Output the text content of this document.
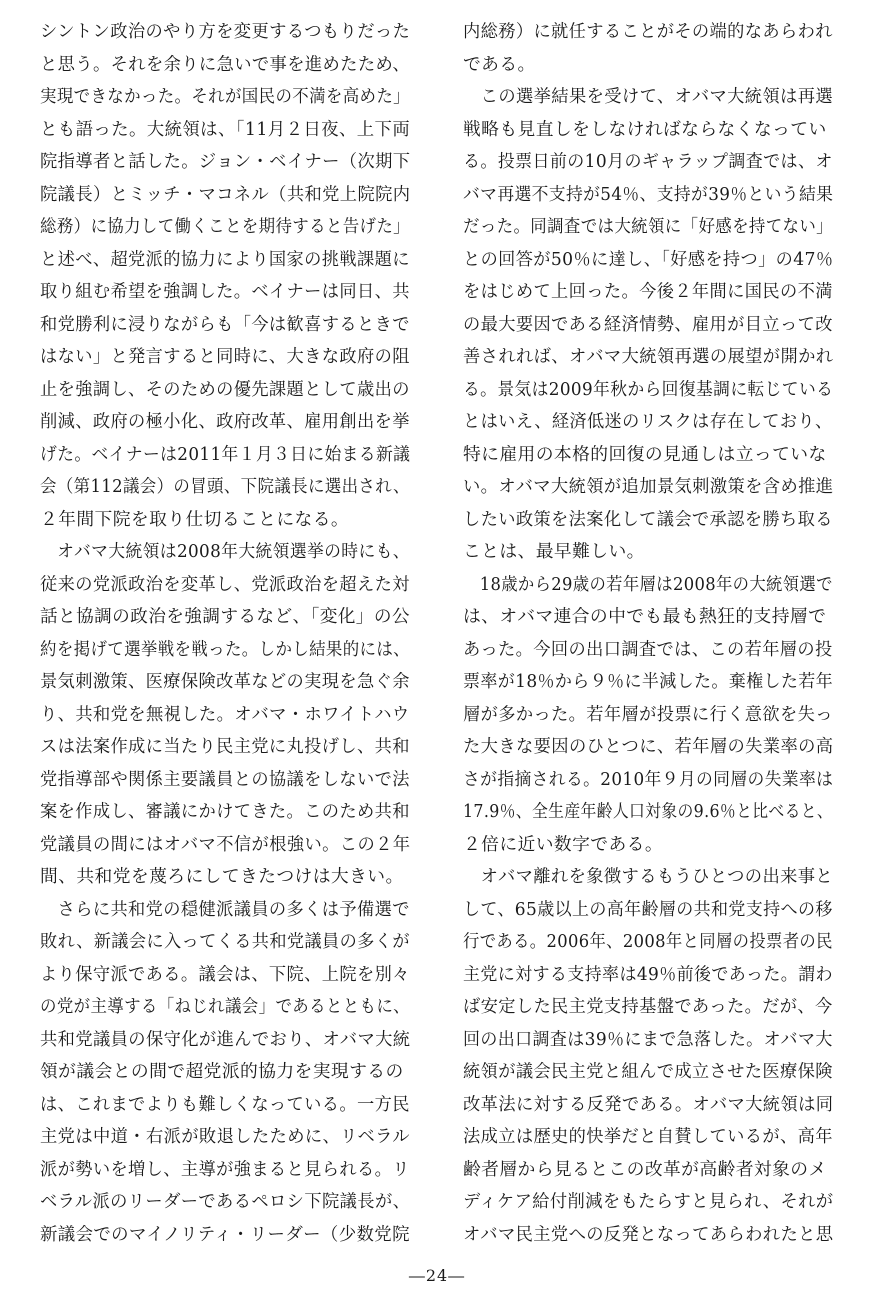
シントン政治のやり方を変更するつもりだった
と思う。それを余りに急いで事を進めたため、
実現できなかった。それが国民の不満を高めた」
とも語った。大統領は、「11月２日夜、上下両
院指導者と話した。ジョン・ベイナー（次期下
院議長）とミッチ・マコネル（共和党上院院内
総務）に協力して働くことを期待すると告げた」
と述べ、超党派的協力により国家の挑戦課題に
取り組む希望を強調した。ベイナーは同日、共
和党勝利に浸りながらも「今は歓喜するときで
はない」と発言すると同時に、大きな政府の阻
止を強調し、そのための優先課題として歳出の
削減、政府の極小化、政府改革、雇用創出を挙
げた。ベイナーは2011年１月３日に始まる新議
会（第112議会）の冒頭、下院議長に選出され、
２年間下院を取り仕切ることになる。
　オバマ大統領は2008年大統領選挙の時にも、
従来の党派政治を変革し、党派政治を超えた対
話と協調の政治を強調するなど、「変化」の公
約を掲げて選挙戦を戦った。しかし結果的には、
景気刺激策、医療保険改革などの実現を急ぐ余
り、共和党を無視した。オバマ・ホワイトハウ
スは法案作成に当たり民主党に丸投げし、共和
党指導部や関係主要議員との協議をしないで法
案を作成し、審議にかけてきた。このため共和
党議員の間にはオバマ不信が根強い。この２年
間、共和党を蔑ろにしてきたつけは大きい。
　さらに共和党の穏健派議員の多くは予備選で
敗れ、新議会に入ってくる共和党議員の多くが
より保守派である。議会は、下院、上院を別々
の党が主導する「ねじれ議会」であるとともに、
共和党議員の保守化が進んでおり、オバマ大統
領が議会との間で超党派的協力を実現するの
は、これまでよりも難しくなっている。一方民
主党は中道・右派が敗退したために、リベラル
派が勢いを増し、主導が強まると見られる。リ
ベラル派のリーダーであるペロシ下院議長が、
新議会でのマイノリティ・リーダー（少数党院
内総務）に就任することがその端的なあらわれ
である。
　この選挙結果を受けて、オバマ大統領は再選
戦略も見直しをしなければならなくなってい
る。投票日前の10月のギャラップ調査では、オ
バマ再選不支持が54％、支持が39％という結果
だった。同調査では大統領に「好感を持てない」
との回答が50％に達し、「好感を持つ」の47％
をはじめて上回った。今後２年間に国民の不満
の最大要因である経済情勢、雇用が目立って改
善されれば、オバマ大統領再選の展望が開かれ
る。景気は2009年秋から回復基調に転じている
とはいえ、経済低迷のリスクは存在しており、
特に雇用の本格的回復の見通しは立っていな
い。オバマ大統領が追加景気刺激策を含め推進
したい政策を法案化して議会で承認を勝ち取る
ことは、最早難しい。
　18歳から29歳の若年層は2008年の大統領選で
は、オバマ連合の中でも最も熱狂的支持層で
あった。今回の出口調査では、この若年層の投
票率が18％から９％に半減した。棄権した若年
層が多かった。若年層が投票に行く意欲を失っ
た大きな要因のひとつに、若年層の失業率の高
さが指摘される。2010年９月の同層の失業率は
17.9％、全生産年齢人口対象の9.6％と比べると、
２倍に近い数字である。
　オバマ離れを象徴するもうひとつの出来事と
して、65歳以上の高年齢層の共和党支持への移
行である。2006年、2008年と同層の投票者の民
主党に対する支持率は49％前後であった。謂わ
ば安定した民主党支持基盤であった。だが、今
回の出口調査は39％にまで急落した。オバマ大
統領が議会民主党と組んで成立させた医療保険
改革法に対する反発である。オバマ大統領は同
法成立は歴史的快挙だと自賛しているが、高年
齢者層から見るとこの改革が高齢者対象のメ
ディケア給付削減をもたらすと見られ、それが
オバマ民主党への反発となってあらわれたと思
―24―
